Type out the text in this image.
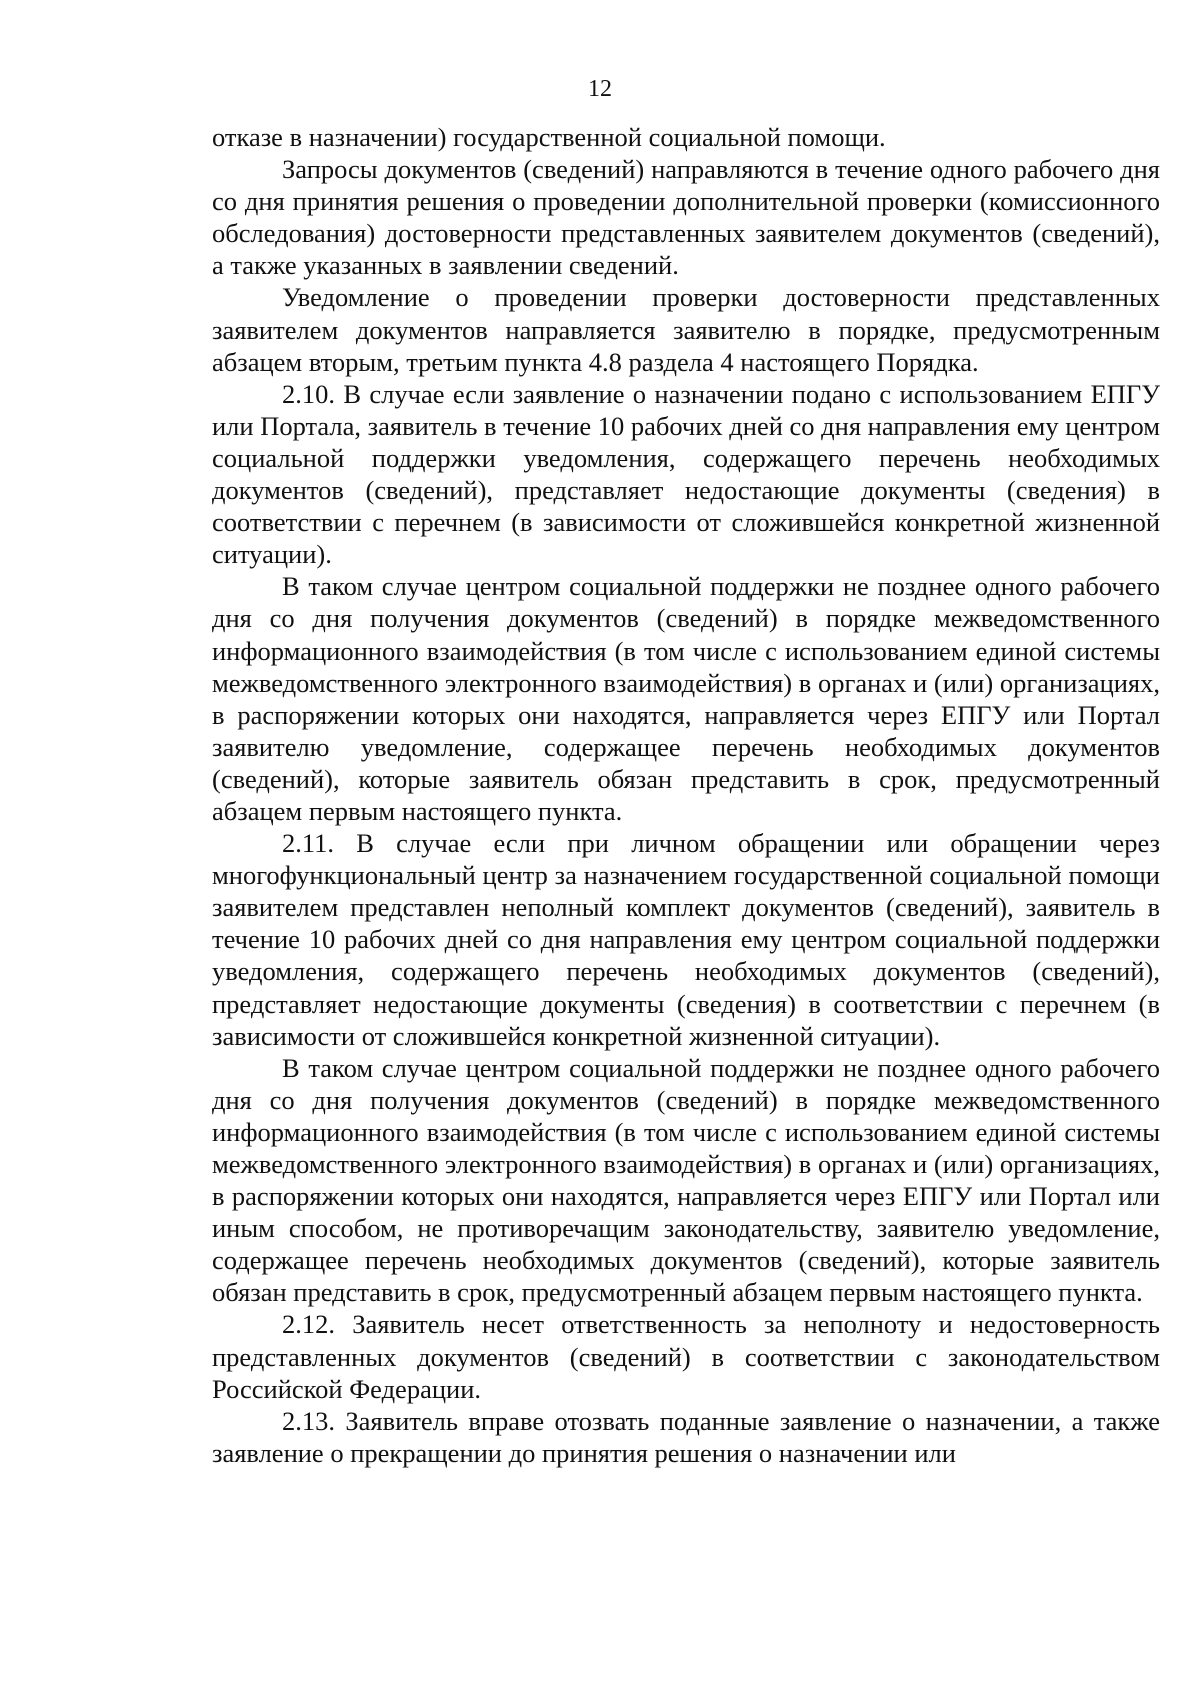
12

отказе в назначении) государственной социальной помощи.

Запросы документов (сведений) направляются в течение одного рабочего дня со дня принятия решения о проведении дополнительной проверки (комиссионного обследования) достоверности представленных заявителем документов (сведений), а также указанных в заявлении сведений.

Уведомление о проведении проверки достоверности представленных заявителем документов направляется заявителю в порядке, предусмотренным абзацем вторым, третьим пункта 4.8 раздела 4 настоящего Порядка.

2.10. В случае если заявление о назначении подано с использованием ЕПГУ или Портала, заявитель в течение 10 рабочих дней со дня направления ему центром социальной поддержки уведомления, содержащего перечень необходимых документов (сведений), представляет недостающие документы (сведения) в соответствии с перечнем (в зависимости от сложившейся конкретной жизненной ситуации).

В таком случае центром социальной поддержки не позднее одного рабочего дня со дня получения документов (сведений) в порядке межведомственного информационного взаимодействия (в том числе с использованием единой системы межведомственного электронного взаимодействия) в органах и (или) организациях, в распоряжении которых они находятся, направляется через ЕПГУ или Портал заявителю уведомление, содержащее перечень необходимых документов (сведений), которые заявитель обязан представить в срок, предусмотренный абзацем первым настоящего пункта.

2.11. В случае если при личном обращении или обращении через многофункциональный центр за назначением государственной социальной помощи заявителем представлен неполный комплект документов (сведений), заявитель в течение 10 рабочих дней со дня направления ему центром социальной поддержки уведомления, содержащего перечень необходимых документов (сведений), представляет недостающие документы (сведения) в соответствии с перечнем (в зависимости от сложившейся конкретной жизненной ситуации).

В таком случае центром социальной поддержки не позднее одного рабочего дня со дня получения документов (сведений) в порядке межведомственного информационного взаимодействия (в том числе с использованием единой системы межведомственного электронного взаимодействия) в органах и (или) организациях, в распоряжении которых они находятся, направляется через ЕПГУ или Портал или иным способом, не противоречащим законодательству, заявителю уведомление, содержащее перечень необходимых документов (сведений), которые заявитель обязан представить в срок, предусмотренный абзацем первым настоящего пункта.

2.12. Заявитель несет ответственность за неполноту и недостоверность представленных документов (сведений) в соответствии с законодательством Российской Федерации.

2.13. Заявитель вправе отозвать поданные заявление о назначении, а также заявление о прекращении до принятия решения о назначении или
